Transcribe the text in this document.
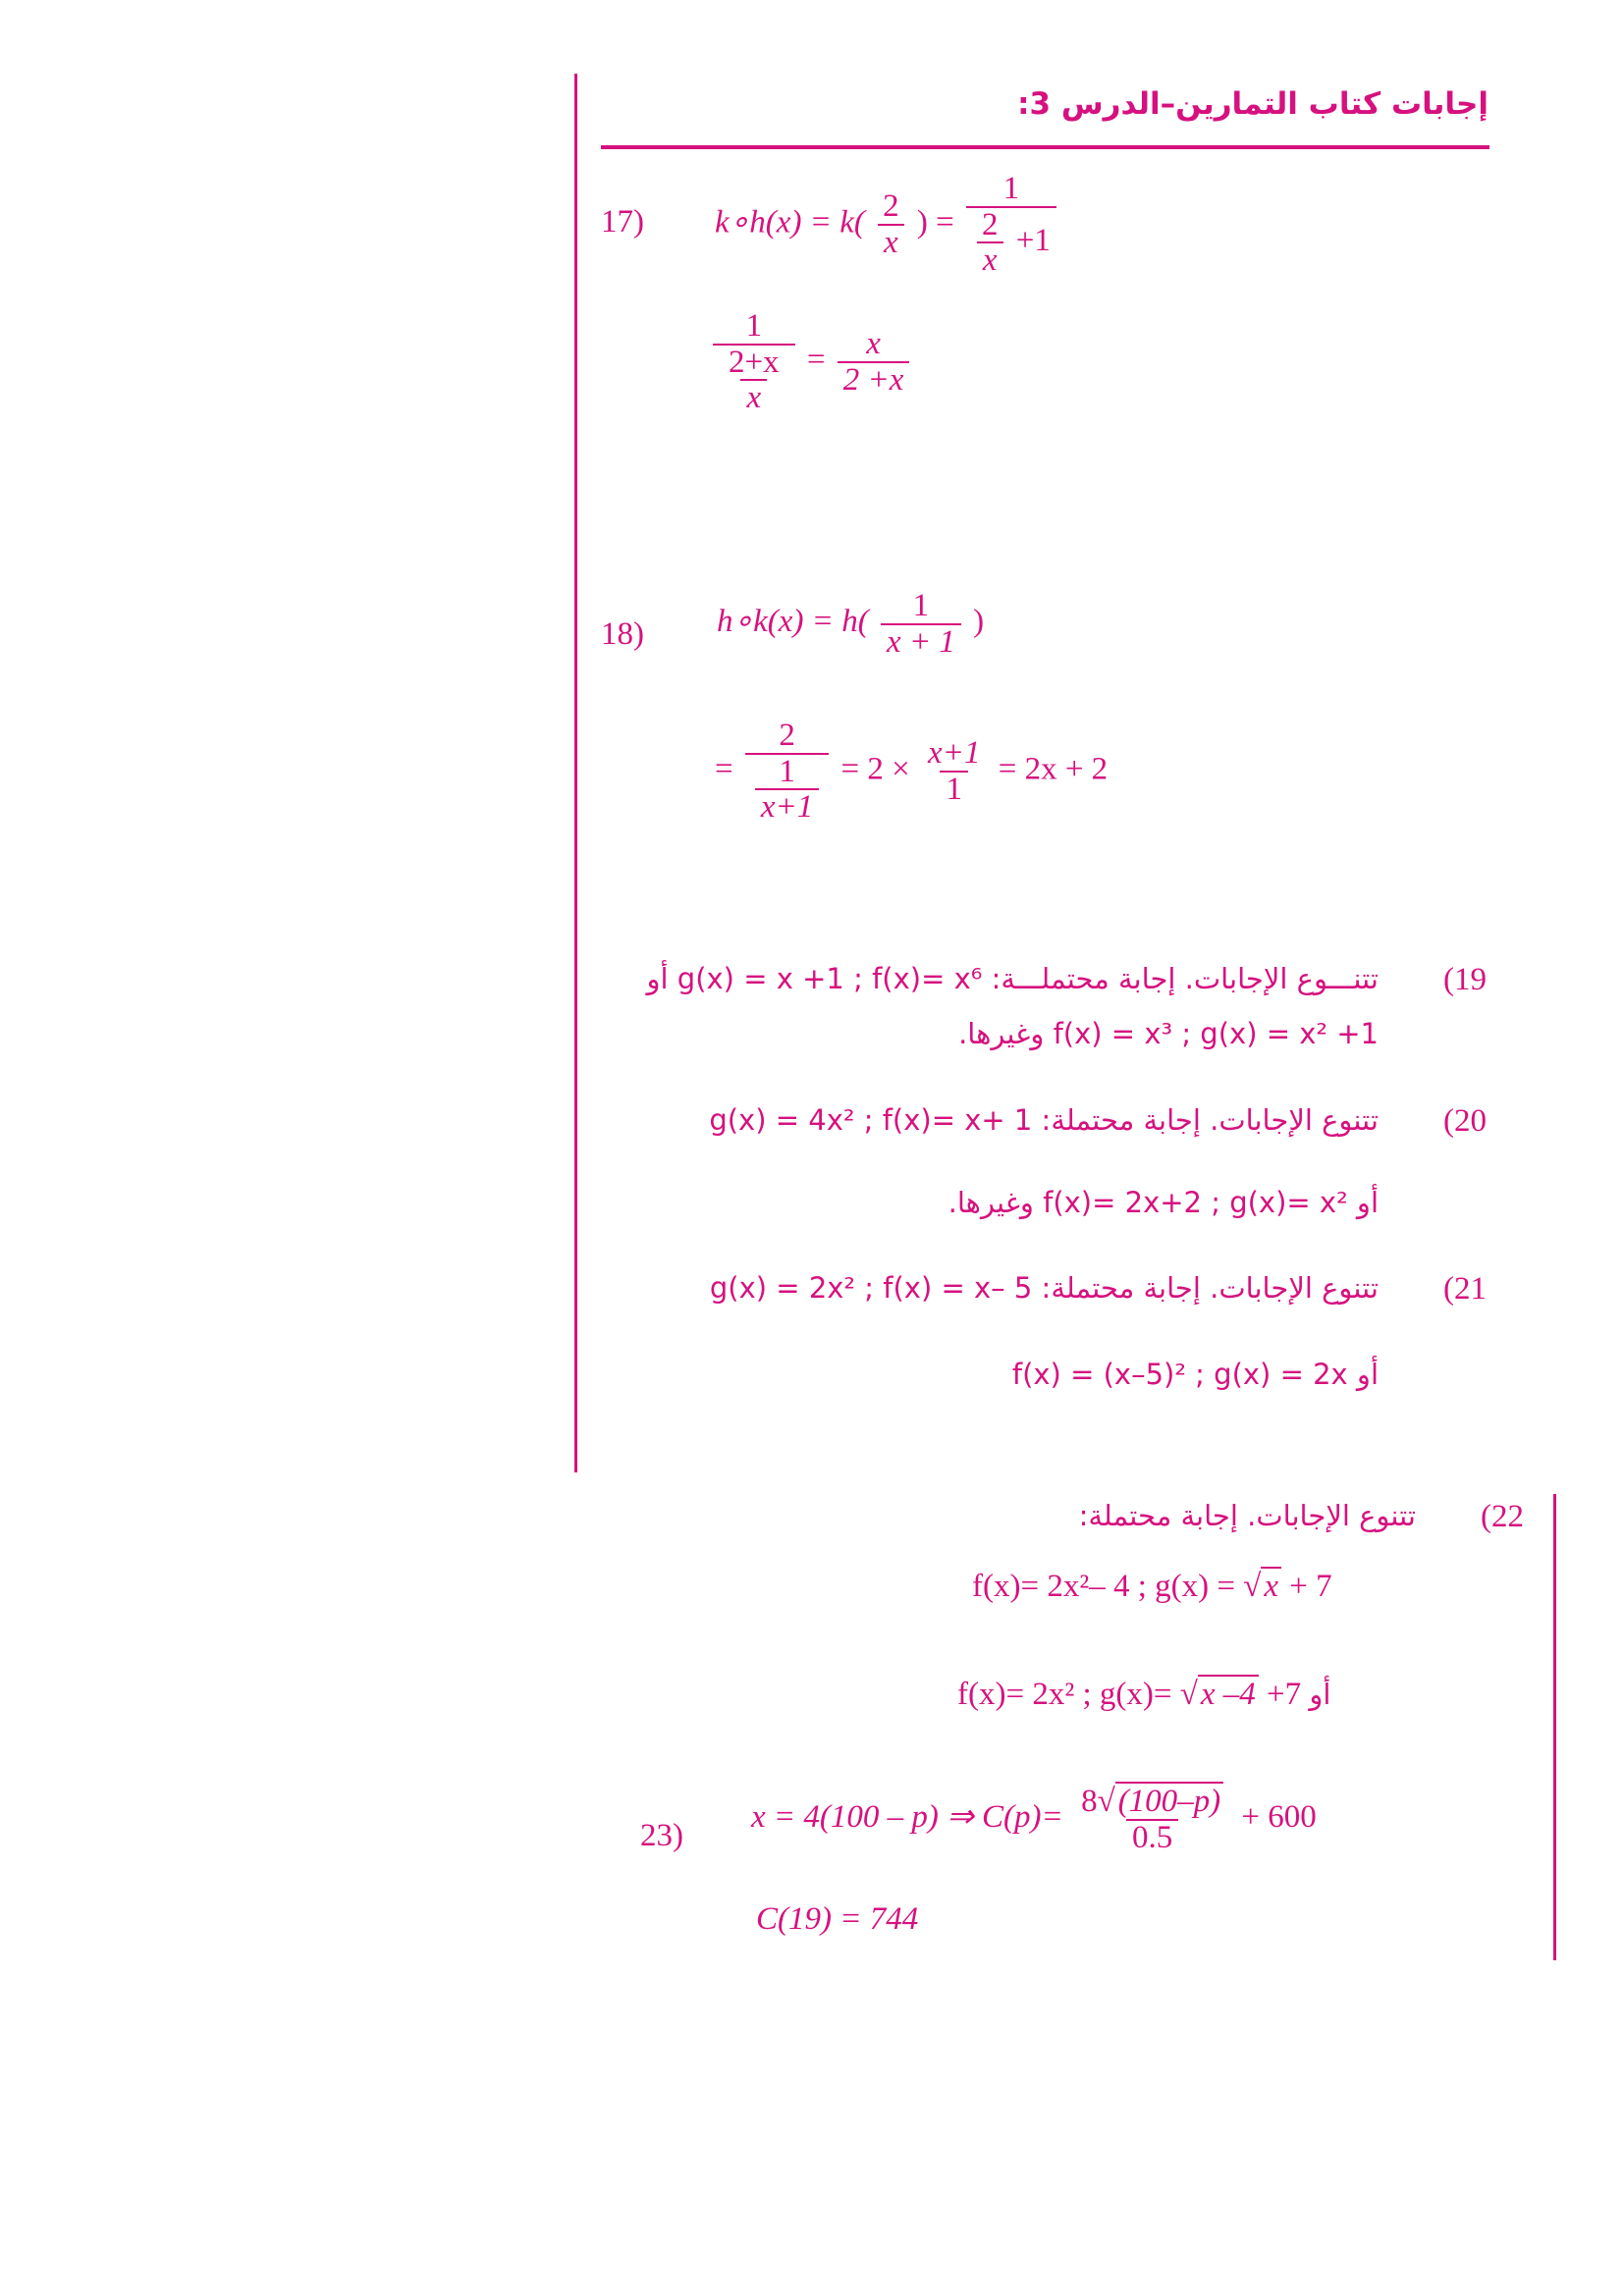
إجابات كتاب التمارين–الدرس 3:
17) k∘h(x) = $k( \frac{2}{x}$ ) = $\frac{1}{\frac{2}{x} +1}$
$\frac{1}{\frac{2+x}{x}} = \frac{x}{2 +x}$
18) h∘k(x) = $h( \frac{1}{x + 1}$ )
= $\frac{2}{\frac{1}{x+1}} = 2 \times \frac{x+1}{1} = 2x + 2$
(19
تتنـــوع الإجابات. إجابة محتملـــة: g(x) = x +1 ; f(x)= x⁶ أو
f(x) = x³ ; g(x) = x² +1 وغيرها.
(20
تتنوع الإجابات. إجابة محتملة: g(x) = 4x² ; f(x)= x+ 1
أو f(x)= 2x+2 ; g(x)= x² وغيرها.
(21
تتنوع الإجابات. إجابة محتملة: g(x) = 2x² ; f(x) = x– 5
أو f(x) = (x–5)² ; g(x) = 2x
(22
تتنوع الإجابات. إجابة محتملة:
f(x)= 2x²– 4 ; g(x) = √x + 7
f(x)= 2x² ; g(x)= √x –4 +7 أو
23)
x = 4(100 – p) ⇒ $C(p)= \frac{8√(100-p)}{0.5} + 600$
C(19) = 744
